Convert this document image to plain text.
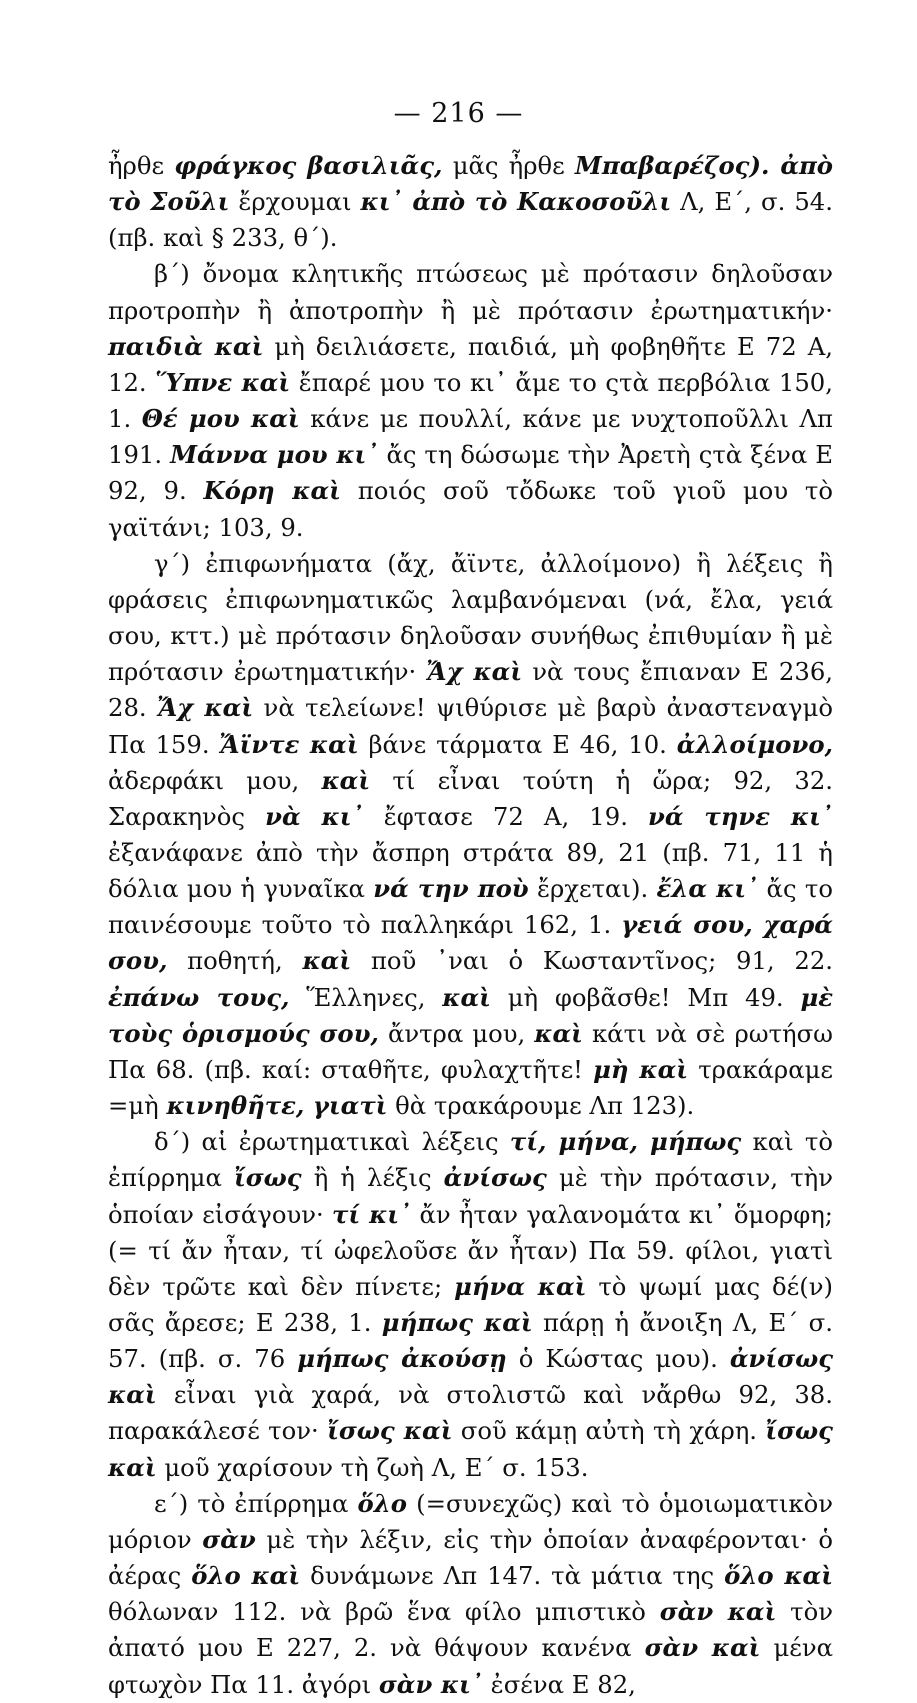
— 216 —

ἦρθε φράγκος βασιλιᾶς, μᾶς ἦρθε Μπαβαρέζος). ἀπὸ τὸ Σοῦλι ἔρχουμαι κι᾽ ἀπὸ τὸ Κακοσοῦλι Λ, Ε΄, σ. 54. (πβ. καὶ § 233, θ΄).

β΄) ὄνομα κλητικῆς πτώσεως μὲ πρότασιν δηλοῦσαν προτροπὴν ἢ ἀποτροπὴν ἢ μὲ πρότασιν ἐρωτηματικήν· παιδιὰ καὶ μὴ δειλιάσετε, παιδιά, μὴ φοβηθῆτε Ε 72 Α, 12. Ὕπνε καὶ ἔπαρέ μου το κι᾽ ἄμε το ςτὰ περβόλια 150, 1. Θέ μου καὶ κάνε με πουλλί, κάνε με νυχτοποῦλλι Λπ 191. Μάννα μου κι᾽ ἄς τη δώσωμε τὴν Ἀρετὴ ςτὰ ξένα Ε 92, 9. Κόρη καὶ ποιός σοῦ τὄδωκε τοῦ γιοῦ μου τὸ γαϊτάνι; 103, 9.

γ΄) ἐπιφωνήματα (ἄχ, ἄϊντε, ἀλλοίμονο) ἢ λέξεις ἢ φράσεις ἐπιφωνηματικῶς λαμβανόμεναι (νά, ἔλα, γειά σου, κττ.) μὲ πρότασιν δηλοῦσαν συνήθως ἐπιθυμίαν ἢ μὲ πρότασιν ἐρωτηματικήν· Ἄχ καὶ νὰ τους ἔπιαναν Ε 236, 28. Ἄχ καὶ νὰ τελείωνε! ψιθύρισε μὲ βαρὺ ἀναστεναγμὸ Πα 159. Ἄϊντε καὶ βάνε τάρματα Ε 46, 10. ἀλλοίμονο, ἀδερφάκι μου, καὶ τί εἶναι τούτη ἡ ὥρα; 92, 32. Σαρακηνὸς νὰ κι᾽ ἔφτασε 72 Α, 19. νά τηνε κι᾽ ἐξανάφανε ἀπὸ τὴν ἄσπρη στράτα 89, 21 (πβ. 71, 11 ἡ δόλια μου ἡ γυναῖκα νά την ποὺ ἔρχεται). ἔλα κι᾽ ἄς το παινέσουμε τοῦτο τὸ παλληκάρι 162, 1. γειά σου, χαρά σου, ποθητή, καὶ ποῦ ᾽ναι ὁ Κωσταντῖνος; 91, 22. ἐπάνω τους, Ἕλληνες, καὶ μὴ φοβᾶσθε! Μπ 49. μὲ τοὺς ὁρισμούς σου, ἄντρα μου, καὶ κάτι νὰ σὲ ρωτήσω Πα 68. (πβ. καί: σταθῆτε, φυλαχτῆτε! μὴ καὶ τρακάραμε =μὴ κινηθῆτε, γιατὶ θὰ τρακάρουμε Λπ 123).

δ΄) αἱ ἐρωτηματικαὶ λέξεις τί, μήνα, μήπως καὶ τὸ ἐπίρρημα ἴσως ἢ ἡ λέξις ἀνίσως μὲ τὴν πρότασιν, τὴν ὁποίαν εἰσάγουν· τί κι᾽ ἄν ἦταν γαλανομάτα κι᾽ ὅμορφη; (= τί ἄν ἦταν, τί ὠφελοῦσε ἄν ἦταν) Πα 59. φίλοι, γιατὶ δὲν τρῶτε καὶ δὲν πίνετε; μήνα καὶ τὸ ψωμί μας δέ(ν) σᾶς ἄρεσε; Ε 238, 1. μήπως καὶ πάρῃ ἡ ἄνοιξη Λ, Ε΄ σ. 57. (πβ. σ. 76 μήπως ἀκούσῃ ὁ Κώστας μου). ἀνίσως καὶ εἶναι γιὰ χαρά, νὰ στολιστῶ καὶ νἄρθω 92, 38. παρακάλεσέ τον· ἴσως καὶ σοῦ κάμῃ αὐτὴ τὴ χάρη. ἴσως καὶ μοῦ χαρίσουν τὴ ζωὴ Λ, Ε΄ σ. 153.

ε΄) τὸ ἐπίρρημα ὅλο (=συνεχῶς) καὶ τὸ ὁμοιωματικὸν μόριον σὰν μὲ τὴν λέξιν, εἰς τὴν ὁποίαν ἀναφέρονται· ὁ ἀέρας ὅλο καὶ δυνάμωνε Λπ 147. τὰ μάτια της ὅλο καὶ θόλωναν 112. νὰ βρῶ ἕνα φίλο μπιστικὸ σὰν καὶ τὸν ἀπατό μου Ε 227, 2. νὰ θάψουν κανένα σὰν καὶ μένα φτωχὸν Πα 11. ἀγόρι σὰν κι᾽ ἐσένα Ε 82,
